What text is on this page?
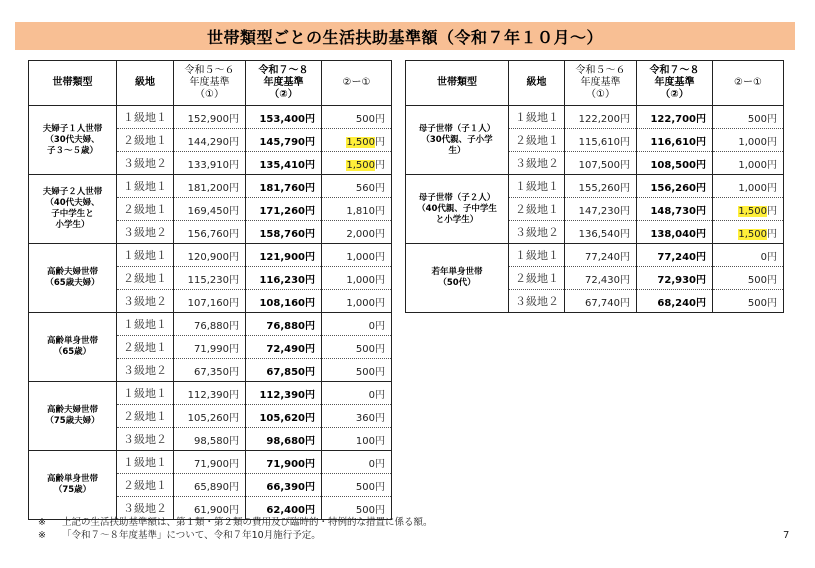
世帯類型ごとの生活扶助基準額（令和７年１０月～）
世帯類型	級地	令和５～６
年度基準
（①）	令和７～８
年度基準
（②）	②ー①
夫婦子１人世帯
（30代夫婦、
子３～５歳）	１級地１	152,900円	153,400円	500円
	２級地１	144,290円	145,790円	1,500円
	３級地２	133,910円	135,410円	1,500円
夫婦子２人世帯
（40代夫婦、
子中学生と
小学生）	１級地１	181,200円	181,760円	560円
	２級地１	169,450円	171,260円	1,810円
	３級地２	156,760円	158,760円	2,000円
高齢夫婦世帯
（65歳夫婦）	１級地１	120,900円	121,900円	1,000円
	２級地１	115,230円	116,230円	1,000円
	３級地２	107,160円	108,160円	1,000円
高齢単身世帯
（65歳）	１級地１	76,880円	76,880円	0円
	２級地１	71,990円	72,490円	500円
	３級地２	67,350円	67,850円	500円
高齢夫婦世帯
（75歳夫婦）	１級地１	112,390円	112,390円	0円
	２級地１	105,260円	105,620円	360円
	３級地２	98,580円	98,680円	100円
高齢単身世帯
（75歳）	１級地１	71,900円	71,900円	0円
	２級地１	65,890円	66,390円	500円
	３級地２	61,900円	62,400円	500円
世帯類型	級地	令和５～６
年度基準
（①）	令和７～８
年度基準
（②）	②ー①
母子世帯（子１人）
（30代親、子小学
生）	１級地１	122,200円	122,700円	500円
	２級地１	115,610円	116,610円	1,000円
	３級地２	107,500円	108,500円	1,000円
母子世帯（子２人）
（40代親、子中学生
と小学生）	１級地１	155,260円	156,260円	1,000円
	２級地１	147,230円	148,730円	1,500円
	３級地２	136,540円	138,040円	1,500円
若年単身世帯
（50代）	１級地１	77,240円	77,240円	0円
	２級地１	72,430円	72,930円	500円
	３級地２	67,740円	68,240円	500円
※	上記の生活扶助基準額は、第１類・第２類の費用及び臨時的・特例的な措置に係る額。
※	「令和７～８年度基準」について、令和７年10月施行予定。	7
